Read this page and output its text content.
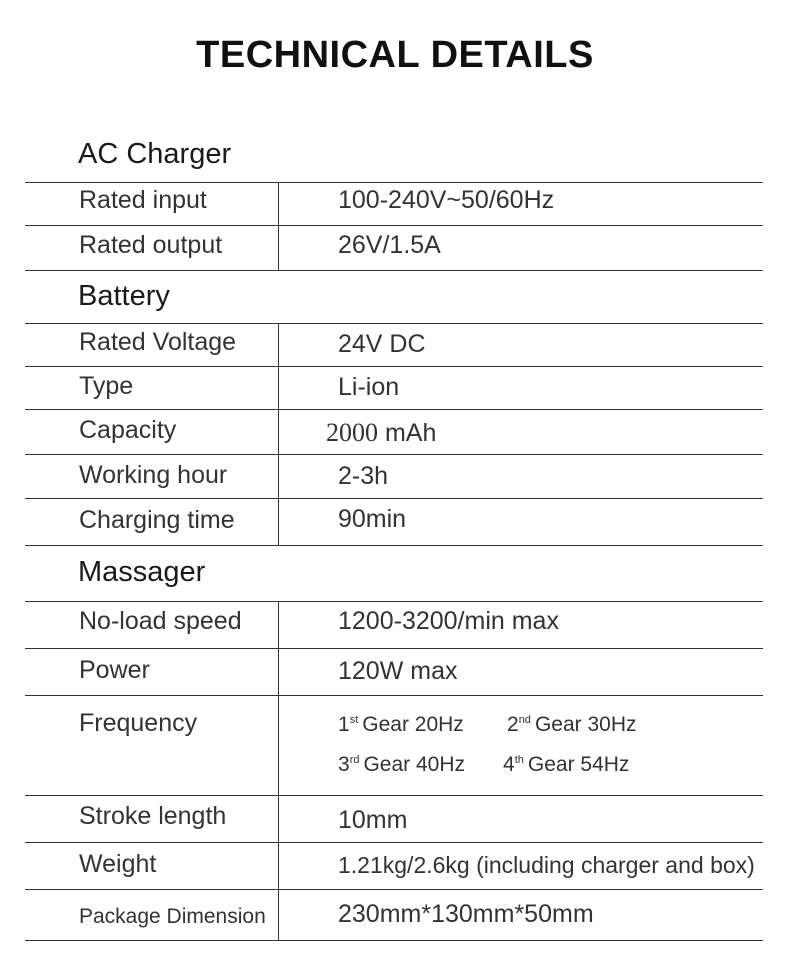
TECHNICAL DETAILS
AC Charger
Rated input	100-240V~50/60Hz
Rated output	26V/1.5A
Battery
Rated Voltage	24V DC
Type	Li-ion
Capacity	2000 mAh
Working hour	2-3h
Charging time	90min
Massager
No-load speed	1200-3200/min max
Power	120W max
Frequency	1st Gear 20Hz 2nd Gear 30Hz
3rd Gear 40Hz 4th Gear 54Hz
Stroke length	10mm
Weight	1.21kg/2.6kg (including charger and box)
Package Dimension	230mm*130mm*50mm
